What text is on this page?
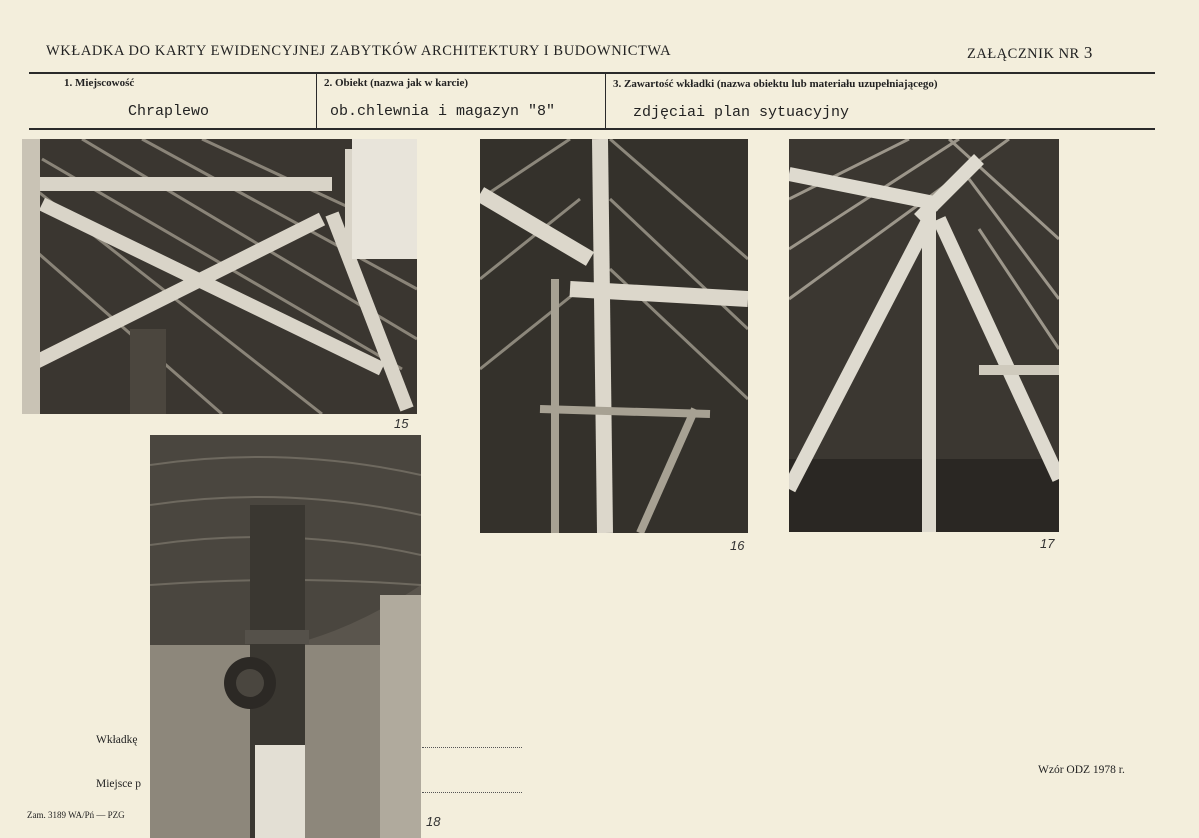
WKŁADKA DO KARTY EWIDENCYJNEJ ZABYTKÓW ARCHITEKTURY I BUDOWNICTWA	ZAŁĄCZNIK NR 3
1. Miejscowość
Chraplewo
2. Obiekt (nazwa jak w karcie)
ob.chlewnia i magazyn "8"
3. Zawartość wkładki (nazwa obiektu lub materiału uzupełniającego)
zdjęciai plan sytuacyjny
Wkładkę
Miejsce p
Zam. 3189 WA/Pń — PZG
Wzór ODZ 1978 r.
15
16	17
18
